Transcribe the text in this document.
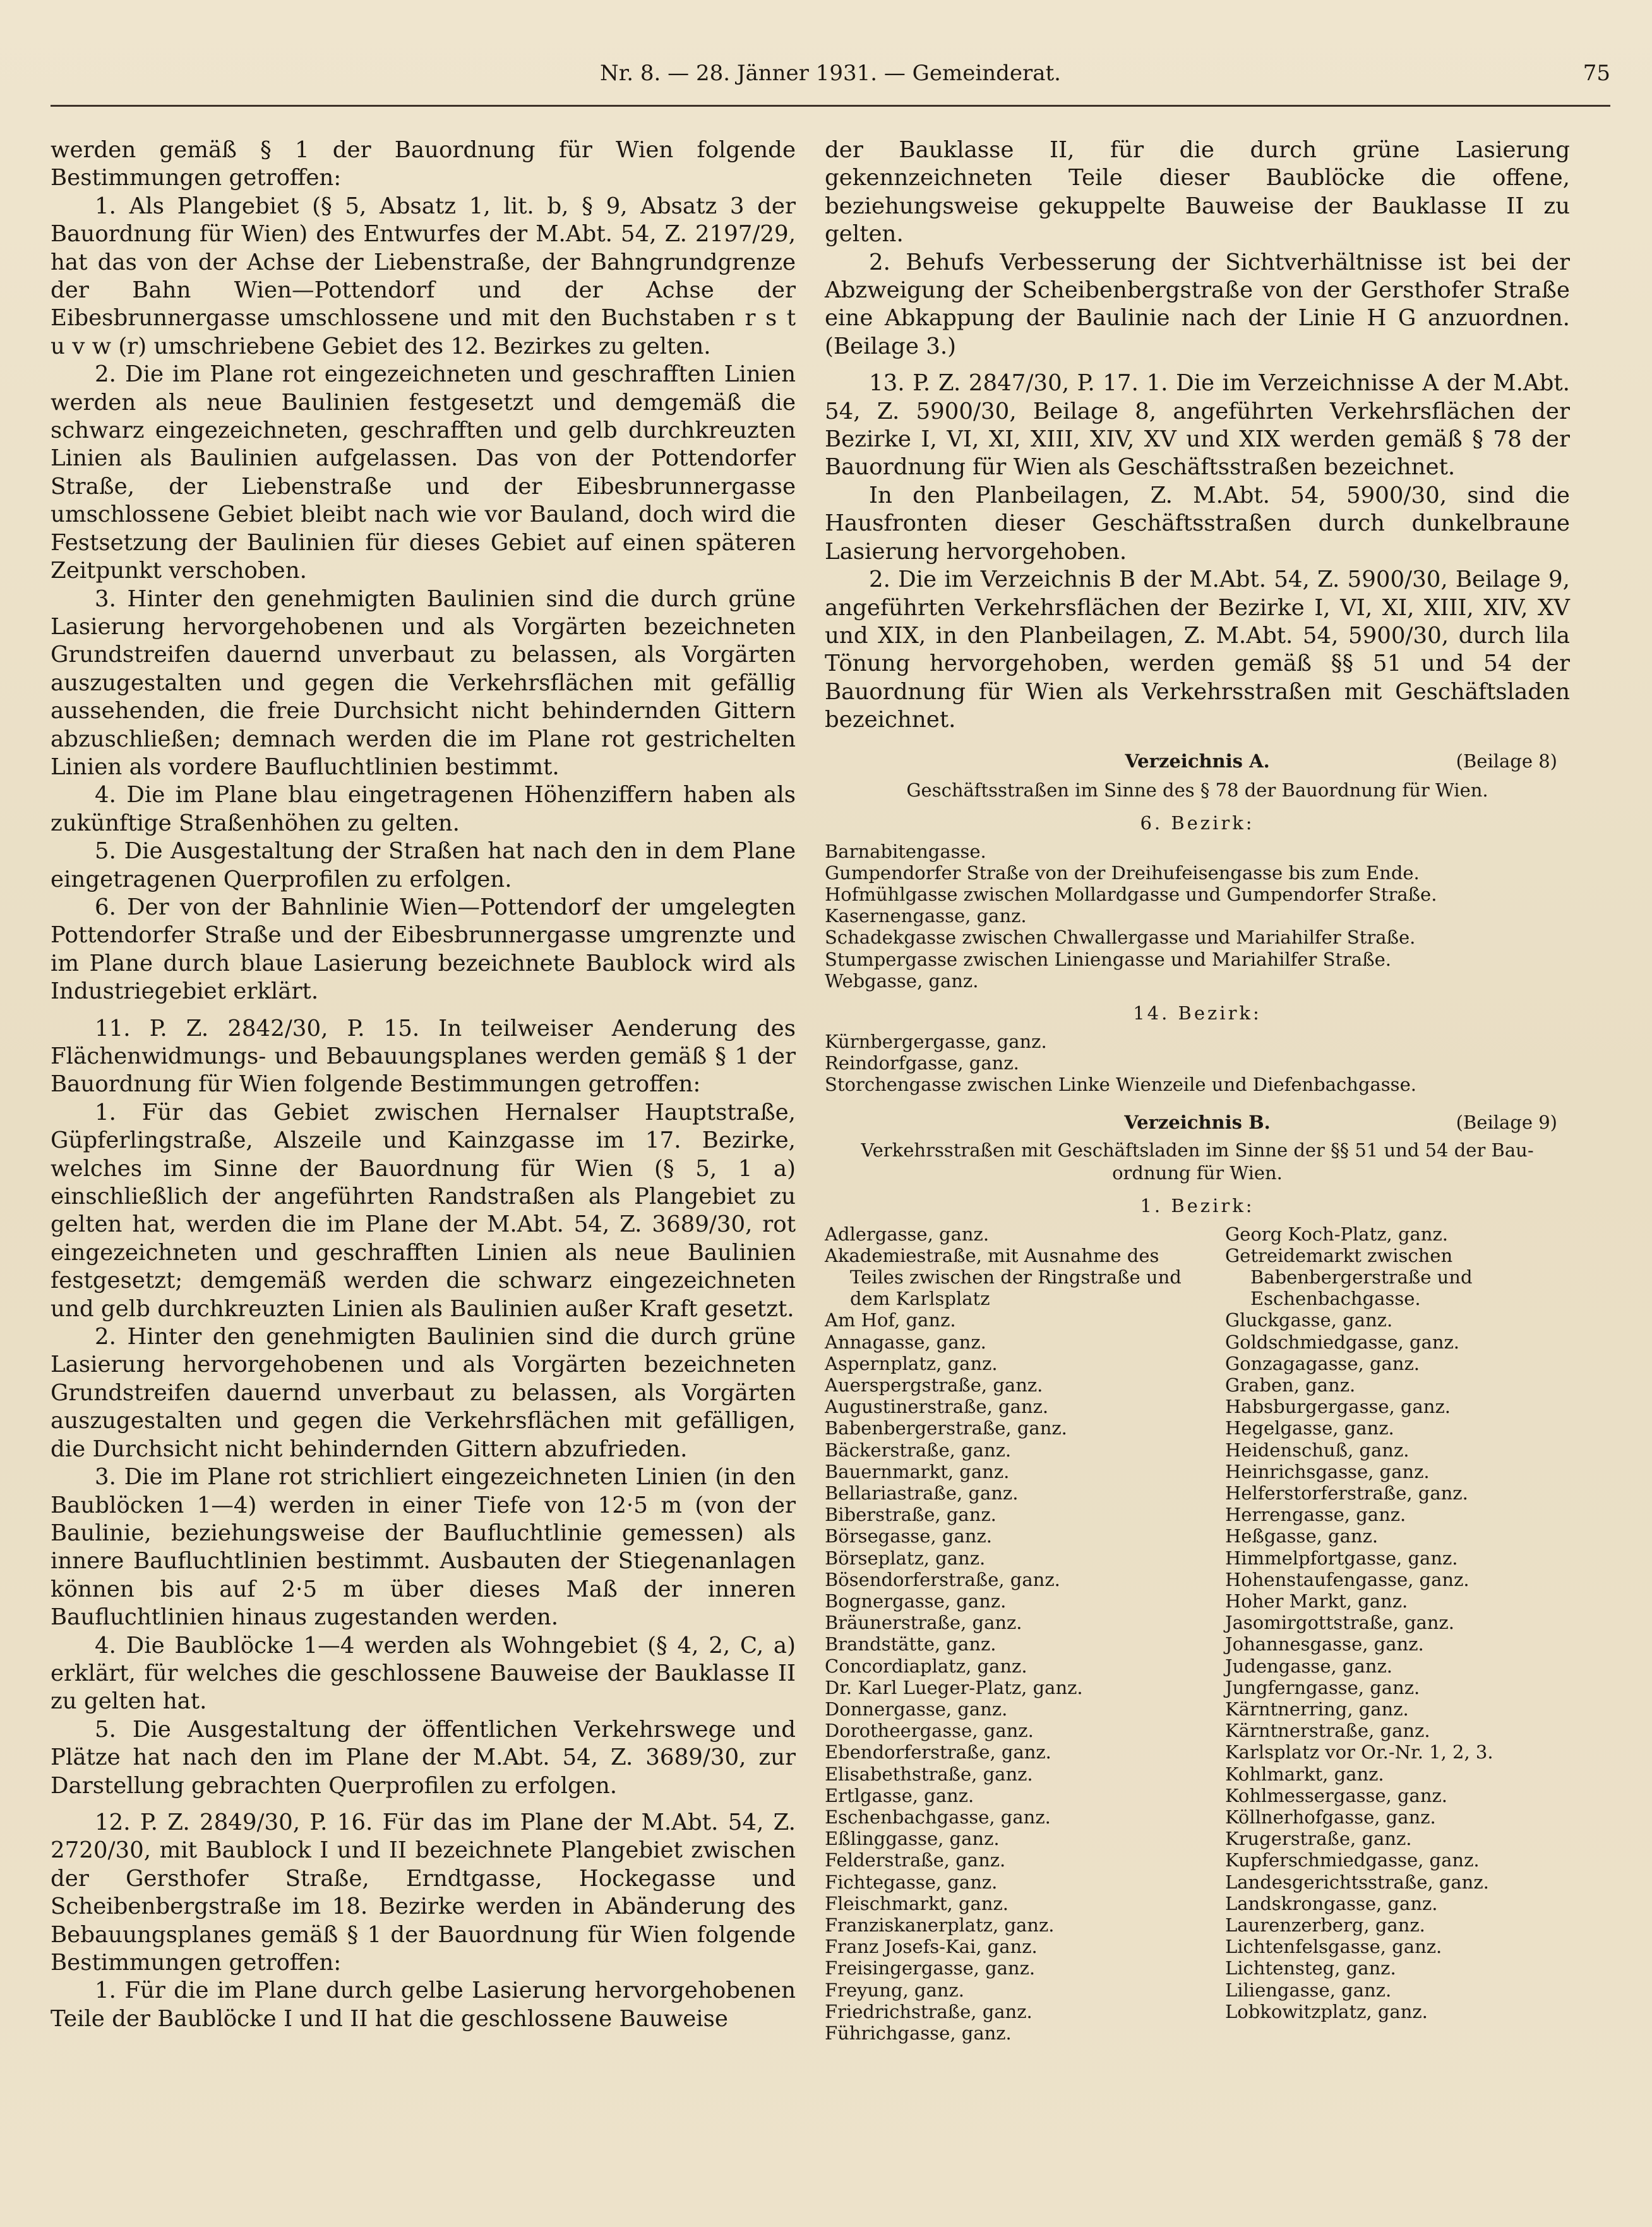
Nr. 8. — 28. Jänner 1931. — Gemeinderat.	75

werden gemäß § 1 der Bauordnung für Wien folgende Bestimmungen getroffen:

1. Als Plangebiet (§ 5, Absatz 1, lit. b, § 9, Absatz 3 der Bauordnung für Wien) des Entwurfes der M.Abt. 54, Z. 2197/29, hat das von der Achse der Liebenstraße, der Bahngrundgrenze der Bahn Wien—Pottendorf und der Achse der Eibesbrunnergasse umschlossene und mit den Buchstaben r s t u v w (r) umschriebene Gebiet des 12. Bezirkes zu gelten.

2. Die im Plane rot eingezeichneten und geschrafften Linien werden als neue Baulinien festgesetzt und demgemäß die schwarz eingezeichneten, geschrafften und gelb durchkreuzten Linien als Baulinien aufgelassen. Das von der Pottendorfer Straße, der Liebenstraße und der Eibesbrunnergasse umschlossene Gebiet bleibt nach wie vor Bauland, doch wird die Festsetzung der Baulinien für dieses Gebiet auf einen späteren Zeitpunkt verschoben.

3. Hinter den genehmigten Baulinien sind die durch grüne Lasierung hervorgehobenen und als Vorgärten bezeichneten Grundstreifen dauernd unverbaut zu belassen, als Vorgärten auszugestalten und gegen die Verkehrsflächen mit gefällig aussehenden, die freie Durchsicht nicht behindernden Gittern abzuschließen; demnach werden die im Plane rot gestrichelten Linien als vordere Baufluchtlinien bestimmt.

4. Die im Plane blau eingetragenen Höhenziffern haben als zukünftige Straßenhöhen zu gelten.

5. Die Ausgestaltung der Straßen hat nach den in dem Plane eingetragenen Querprofilen zu erfolgen.

6. Der von der Bahnlinie Wien—Pottendorf der umgelegten Pottendorfer Straße und der Eibesbrunnergasse umgrenzte und im Plane durch blaue Lasierung bezeichnete Baublock wird als Industriegebiet erklärt.

11. P. Z. 2842/30, P. 15. In teilweiser Aenderung des Flächenwidmungs- und Bebauungsplanes werden gemäß § 1 der Bauordnung für Wien folgende Bestimmungen getroffen:

1. Für das Gebiet zwischen Hernalser Hauptstraße, Güpferlingstraße, Alszeile und Kainzgasse im 17. Bezirke, welches im Sinne der Bauordnung für Wien (§ 5, 1 a) einschließlich der angeführten Randstraßen als Plangebiet zu gelten hat, werden die im Plane der M.Abt. 54, Z. 3689/30, rot eingezeichneten und geschrafften Linien als neue Baulinien festgesetzt; demgemäß werden die schwarz eingezeichneten und gelb durchkreuzten Linien als Baulinien außer Kraft gesetzt.

2. Hinter den genehmigten Baulinien sind die durch grüne Lasierung hervorgehobenen und als Vorgärten bezeichneten Grundstreifen dauernd unverbaut zu belassen, als Vorgärten auszugestalten und gegen die Verkehrsflächen mit gefälligen, die Durchsicht nicht behindernden Gittern abzufrieden.

3. Die im Plane rot strichliert eingezeichneten Linien (in den Baublöcken 1—4) werden in einer Tiefe von 12·5 m (von der Baulinie, beziehungsweise der Baufluchtlinie gemessen) als innere Baufluchtlinien bestimmt. Ausbauten der Stiegenanlagen können bis auf 2·5 m über dieses Maß der inneren Baufluchtlinien hinaus zugestanden werden.

4. Die Baublöcke 1—4 werden als Wohngebiet (§ 4, 2, C, a) erklärt, für welches die geschlossene Bauweise der Bauklasse II zu gelten hat.

5. Die Ausgestaltung der öffentlichen Verkehrswege und Plätze hat nach den im Plane der M.Abt. 54, Z. 3689/30, zur Darstellung gebrachten Querprofilen zu erfolgen.

12. P. Z. 2849/30, P. 16. Für das im Plane der M.Abt. 54, Z. 2720/30, mit Baublock I und II bezeichnete Plangebiet zwischen der Gersthofer Straße, Erndtgasse, Hockegasse und Scheibenbergstraße im 18. Bezirke werden in Abänderung des Bebauungsplanes gemäß § 1 der Bauordnung für Wien folgende Bestimmungen getroffen:

1. Für die im Plane durch gelbe Lasierung hervorgehobenen Teile der Baublöcke I und II hat die geschlossene Bauweise

der Bauklasse II, für die durch grüne Lasierung gekennzeichneten Teile dieser Baublöcke die offene, beziehungsweise gekuppelte Bauweise der Bauklasse II zu gelten.

2. Behufs Verbesserung der Sichtverhältnisse ist bei der Abzweigung der Scheibenbergstraße von der Gersthofer Straße eine Abkappung der Baulinie nach der Linie H G anzuordnen. (Beilage 3.)

13. P. Z. 2847/30, P. 17. 1. Die im Verzeichnisse A der M.Abt. 54, Z. 5900/30, Beilage 8, angeführten Verkehrsflächen der Bezirke I, VI, XI, XIII, XIV, XV und XIX werden gemäß § 78 der Bauordnung für Wien als Geschäftsstraßen bezeichnet.

In den Planbeilagen, Z. M.Abt. 54, 5900/30, sind die Hausfronten dieser Geschäftsstraßen durch dunkelbraune Lasierung hervorgehoben.

2. Die im Verzeichnis B der M.Abt. 54, Z. 5900/30, Beilage 9, angeführten Verkehrsflächen der Bezirke I, VI, XI, XIII, XIV, XV und XIX, in den Planbeilagen, Z. M.Abt. 54, 5900/30, durch lila Tönung hervorgehoben, werden gemäß §§ 51 und 54 der Bauordnung für Wien als Verkehrsstraßen mit Geschäftsladen bezeichnet.

Verzeichnis A.	(Beilage 8)
Geschäftsstraßen im Sinne des § 78 der Bauordnung für Wien.
6. Bezirk:
Barnabitengasse.
Gumpendorfer Straße von der Dreihufeisengasse bis zum Ende.
Hofmühlgasse zwischen Mollardgasse und Gumpendorfer Straße.
Kasernengasse, ganz.
Schadekgasse zwischen Chwallergasse und Mariahilfer Straße.
Stumpergasse zwischen Liniengasse und Mariahilfer Straße.
Webgasse, ganz.
14. Bezirk:
Kürnbergergasse, ganz.
Reindorfgasse, ganz.
Storchengasse zwischen Linke Wienzeile und Diefenbachgasse.
Verzeichnis B.	(Beilage 9)
Verkehrsstraßen mit Geschäftsladen im Sinne der §§ 51 und 54 der Bau-
ordnung für Wien.
1. Bezirk:
Adlergasse, ganz.
Akademiestraße, mit Ausnahme des Teiles zwischen der Ringstraße und dem Karlsplatz
Am Hof, ganz.
Annagasse, ganz.
Aspernplatz, ganz.
Auerspergstraße, ganz.
Augustinerstraße, ganz.
Babenbergerstraße, ganz.
Bäckerstraße, ganz.
Bauernmarkt, ganz.
Bellariastraße, ganz.
Biberstraße, ganz.
Börsegasse, ganz.
Börseplatz, ganz.
Bösendorferstraße, ganz.
Bognergasse, ganz.
Bräunerstraße, ganz.
Brandstätte, ganz.
Concordiaplatz, ganz.
Dr. Karl Lueger-Platz, ganz.
Donnergasse, ganz.
Dorotheergasse, ganz.
Ebendorferstraße, ganz.
Elisabethstraße, ganz.
Ertlgasse, ganz.
Eschenbachgasse, ganz.
Eßlinggasse, ganz.
Felderstraße, ganz.
Fichtegasse, ganz.
Fleischmarkt, ganz.
Franziskanerplatz, ganz.
Franz Josefs-Kai, ganz.
Freisingergasse, ganz.
Freyung, ganz.
Friedrichstraße, ganz.
Führichgasse, ganz.
Georg Koch-Platz, ganz.
Getreidemarkt zwischen Babenbergerstraße und Eschenbachgasse.
Gluckgasse, ganz.
Goldschmiedgasse, ganz.
Gonzagagasse, ganz.
Graben, ganz.
Habsburgergasse, ganz.
Hegelgasse, ganz.
Heidenschuß, ganz.
Heinrichsgasse, ganz.
Helferstorferstraße, ganz.
Herrengasse, ganz.
Heßgasse, ganz.
Himmelpfortgasse, ganz.
Hohenstaufengasse, ganz.
Hoher Markt, ganz.
Jasomirgottstraße, ganz.
Johannesgasse, ganz.
Judengasse, ganz.
Jungferngasse, ganz.
Kärntnerring, ganz.
Kärntnerstraße, ganz.
Karlsplatz vor Or.-Nr. 1, 2, 3.
Kohlmarkt, ganz.
Kohlmessergasse, ganz.
Köllnerhofgasse, ganz.
Krugerstraße, ganz.
Kupferschmiedgasse, ganz.
Landesgerichtsstraße, ganz.
Landskrongasse, ganz.
Laurenzerberg, ganz.
Lichtenfelsgasse, ganz.
Lichtensteg, ganz.
Liliengasse, ganz.
Lobkowitzplatz, ganz.
